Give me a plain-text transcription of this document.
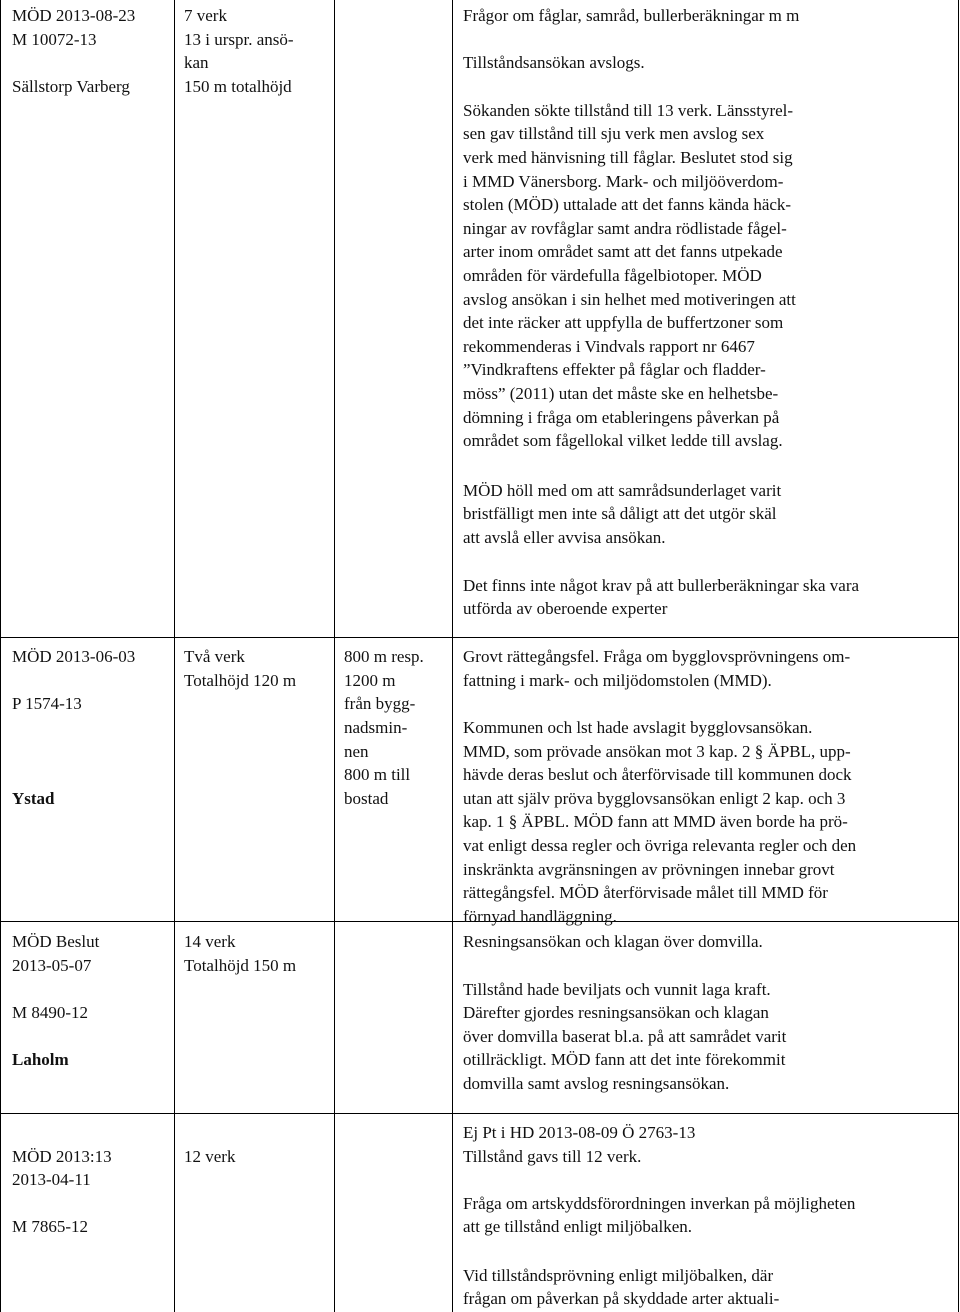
MÖD 2013-08-23
M 10072-13
Sällstorp Varberg
7 verk
13 i urspr. ansö-
kan
150 m totalhöjd
Frågor om fåglar, samråd, bullerberäkningar m m
Tillståndsansökan avslogs.
Sökanden sökte tillstånd till 13 verk. Länsstyrel-
sen gav tillstånd till sju verk men avslog sex
verk med hänvisning till fåglar. Beslutet stod sig
i MMD Vänersborg. Mark- och miljööverdom-
stolen (MÖD) uttalade att det fanns kända häck-
ningar av rovfåglar samt andra rödlistade fågel-
arter inom området samt att det fanns utpekade
områden för värdefulla fågelbiotoper. MÖD
avslog ansökan i sin helhet med motiveringen att
det inte räcker att uppfylla de buffertzoner som
rekommenderas i Vindvals rapport nr 6467
”Vindkraftens effekter på fåglar och fladder-
möss” (2011) utan det måste ske en helhetsbe-
dömning i fråga om etableringens påverkan på
området som fågellokal vilket ledde till avslag.
MÖD höll med om att samrådsunderlaget varit
bristfälligt men inte så dåligt att det utgör skäl
att avslå eller avvisa ansökan.
Det finns inte något krav på att bullerberäkningar ska vara
utförda av oberoende experter
MÖD 2013-06-03
P 1574-13
Ystad
Två verk
Totalhöjd 120 m
800 m resp.
1200 m
från bygg-
nadsmin-
nen
800 m till
bostad
Grovt rättegångsfel. Fråga om bygglovsprövningens om-
fattning i mark- och miljödomstolen (MMD).
Kommunen och lst hade avslagit bygglovsansökan.
MMD, som prövade ansökan mot 3 kap. 2 § ÄPBL, upp-
hävde deras beslut och återförvisade till kommunen dock
utan att själv pröva bygglovsansökan enligt 2 kap. och 3
kap. 1 § ÄPBL. MÖD fann att MMD även borde ha prö-
vat enligt dessa regler och övriga relevanta regler och den
inskränkta avgränsningen av prövningen innebar grovt
rättegångsfel. MÖD återförvisade målet till MMD för
förnyad handläggning.
MÖD Beslut
2013-05-07
M 8490-12
Laholm
14 verk
Totalhöjd 150 m
Resningsansökan och klagan över domvilla.
Tillstånd hade beviljats och vunnit laga kraft.
Därefter gjordes resningsansökan och klagan
över domvilla baserat bl.a. på att samrådet varit
otillräckligt. MÖD fann att det inte förekommit
domvilla samt avslog resningsansökan.
Ej Pt i HD 2013-08-09 Ö 2763-13
MÖD 2013:13
2013-04-11
M 7865-12
12 verk	Tillstånd gavs till 12 verk.
Fråga om artskyddsförordningen inverkan på möjligheten
att ge tillstånd enligt miljöbalken.
Vid tillståndsprövning enligt miljöbalken, där
frågan om påverkan på skyddade arter aktuali-
